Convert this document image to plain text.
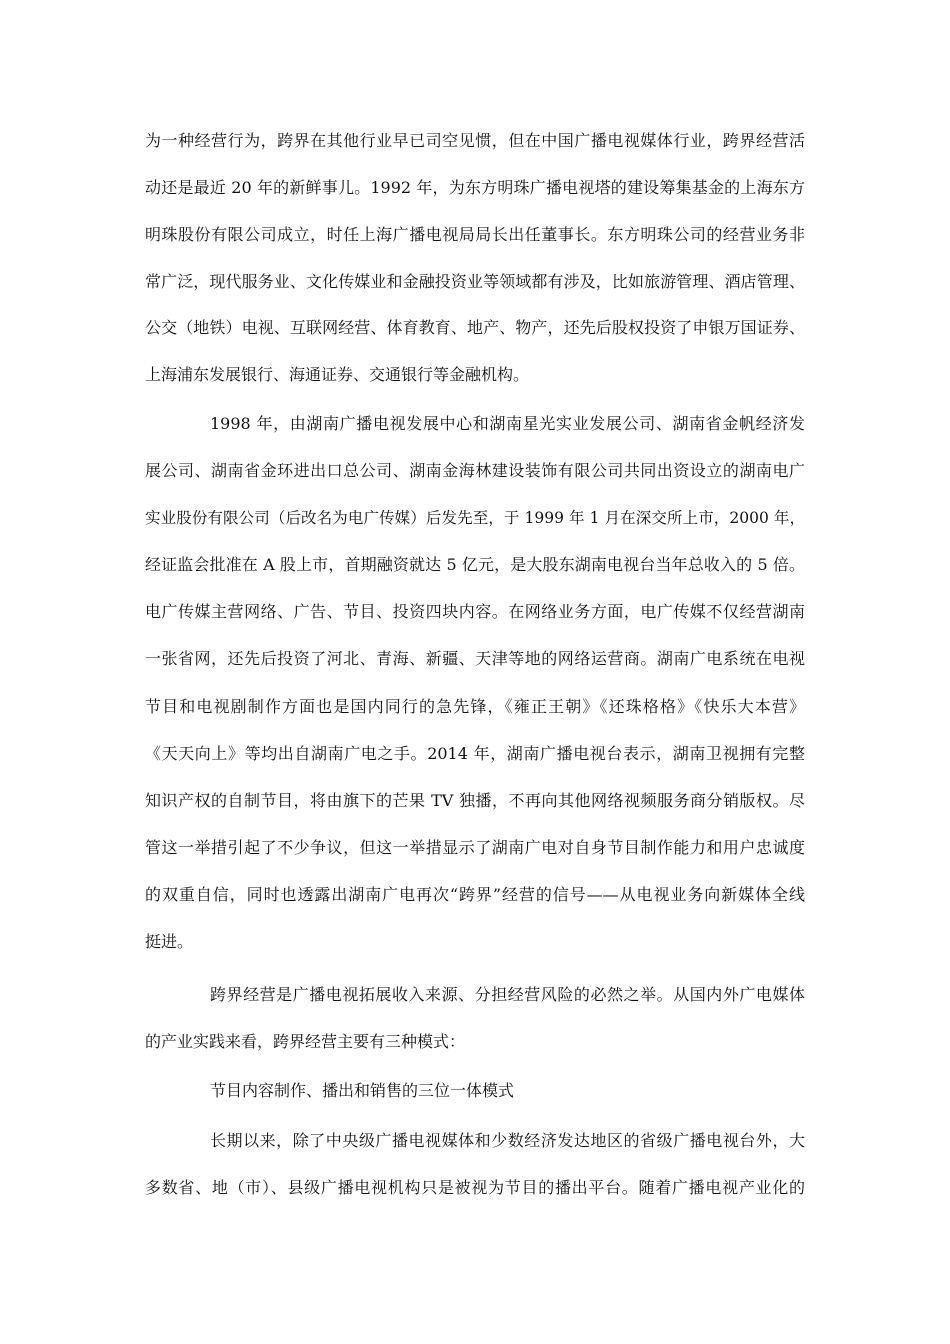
为一种经营行为，跨界在其他行业早已司空见惯，但在中国广播电视媒体行业，跨界经营活
动还是最近 20 年的新鲜事儿。1992 年，为东方明珠广播电视塔的建设筹集基金的上海东方
明珠股份有限公司成立，时任上海广播电视局局长出任董事长。东方明珠公司的经营业务非
常广泛，现代服务业、文化传媒业和金融投资业等领域都有涉及，比如旅游管理、酒店管理、
公交（地铁）电视、互联网经营、体育教育、地产、物产，还先后股权投资了申银万国证券、
上海浦东发展银行、海通证券、交通银行等金融机构。
1998 年，由湖南广播电视发展中心和湖南星光实业发展公司、湖南省金帆经济发
展公司、湖南省金环进出口总公司、湖南金海林建设装饰有限公司共同出资设立的湖南电广
实业股份有限公司（后改名为电广传媒）后发先至，于 1999 年 1 月在深交所上市，2000 年，
经证监会批准在 A 股上市，首期融资就达 5 亿元，是大股东湖南电视台当年总收入的 5 倍。
电广传媒主营网络、广告、节目、投资四块内容。在网络业务方面，电广传媒不仅经营湖南
一张省网，还先后投资了河北、青海、新疆、天津等地的网络运营商。湖南广电系统在电视
节目和电视剧制作方面也是国内同行的急先锋，《雍正王朝》《还珠格格》《快乐大本营》
《天天向上》等均出自湖南广电之手。2014 年，湖南广播电视台表示，湖南卫视拥有完整
知识产权的自制节目，将由旗下的芒果 TV 独播，不再向其他网络视频服务商分销版权。尽
管这一举措引起了不少争议，但这一举措显示了湖南广电对自身节目制作能力和用户忠诚度
的双重自信，同时也透露出湖南广电再次“跨界”经营的信号——从电视业务向新媒体全线
挺进。
跨界经营是广播电视拓展收入来源、分担经营风险的必然之举。从国内外广电媒体
的产业实践来看，跨界经营主要有三种模式：
节目内容制作、播出和销售的三位一体模式
长期以来，除了中央级广播电视媒体和少数经济发达地区的省级广播电视台外，大
多数省、地（市）、县级广播电视机构只是被视为节目的播出平台。随着广播电视产业化的
